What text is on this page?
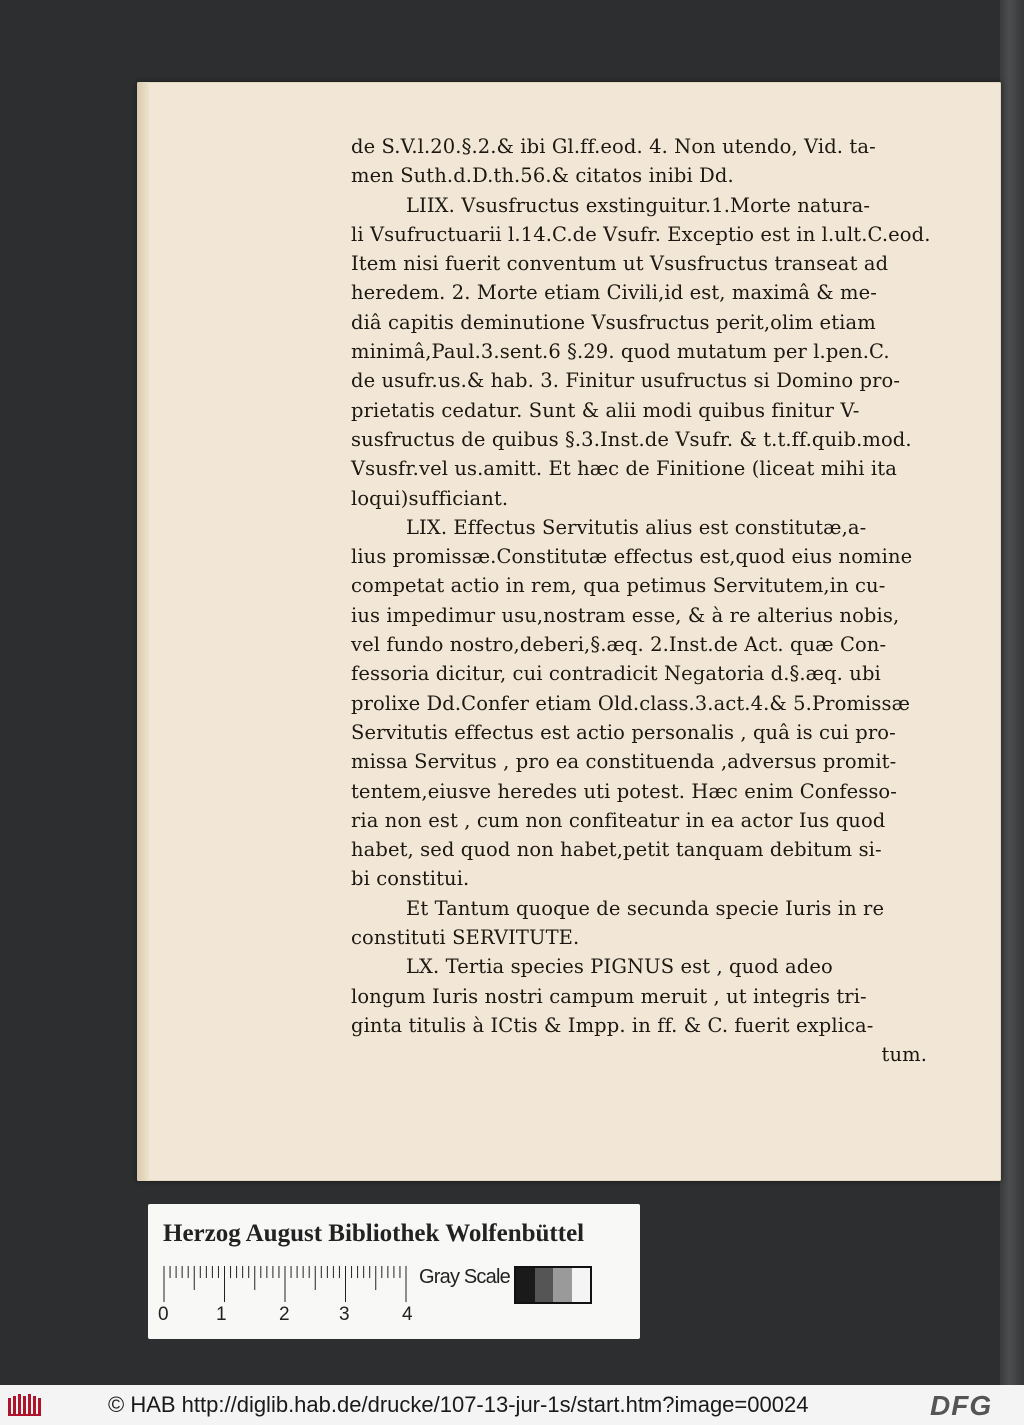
de S.V.l.20.§.2.& ibi Gl.ff.eod. 4. Non utendo, Vid. ta-
men Suth.d.D.th.56.& citatos inibi Dd.
LIIX. Vsusfructus exstinguitur.1.Morte natura-
li Vsufructuarii l.14.C.de Vsufr. Exceptio est in l.ult.C.eod.
Item nisi fuerit conventum ut Vsusfructus transeat ad
heredem. 2. Morte etiam Civili,id est, maximâ & me-
diâ capitis deminutione Vsusfructus perit,olim etiam
minimâ,Paul.3.sent.6 §.29. quod mutatum per l.pen.C.
de usufr.us.& hab. 3. Finitur usufructus si Domino pro-
prietatis cedatur. Sunt & alii modi quibus finitur V-
susfructus de quibus §.3.Inst.de Vsufr. & t.t.ff.quib.mod.
Vsusfr.vel us.amitt. Et hæc de Finitione (liceat mihi ita
loqui)sufficiant.
LIX. Effectus Servitutis alius est constitutæ,a-
lius promissæ.Constitutæ effectus est,quod eius nomine
competat actio in rem, qua petimus Servitutem,in cu-
ius impedimur usu,nostram esse, & à re alterius nobis,
vel fundo nostro,deberi,§.æq. 2.Inst.de Act. quæ Con-
fessoria dicitur, cui contradicit Negatoria d.§.æq. ubi
prolixe Dd.Confer etiam Old.class.3.act.4.& 5.Promissæ
Servitutis effectus est actio personalis , quâ is cui pro-
missa Servitus , pro ea constituenda ,adversus promit-
tentem,eiusve heredes uti potest. Hæc enim Confesso-
ria non est , cum non confiteatur in ea actor Ius quod
habet, sed quod non habet,petit tanquam debitum si-
bi constitui.
Et Tantum quoque de secunda specie Iuris in re
constituti SERVITUTE.
LX. Tertia species PIGNUS est , quod adeo
longum Iuris nostri campum meruit , ut integris tri-
ginta titulis à ICtis & Impp. in ff. & C. fuerit explica-
tum.
Herzog August Bibliothek Wolfenbüttel
0 1	2	3	4
Gray Scale
© HAB http://diglib.hab.de/drucke/107-13-jur-1s/start.htm?image=00024	DFG
